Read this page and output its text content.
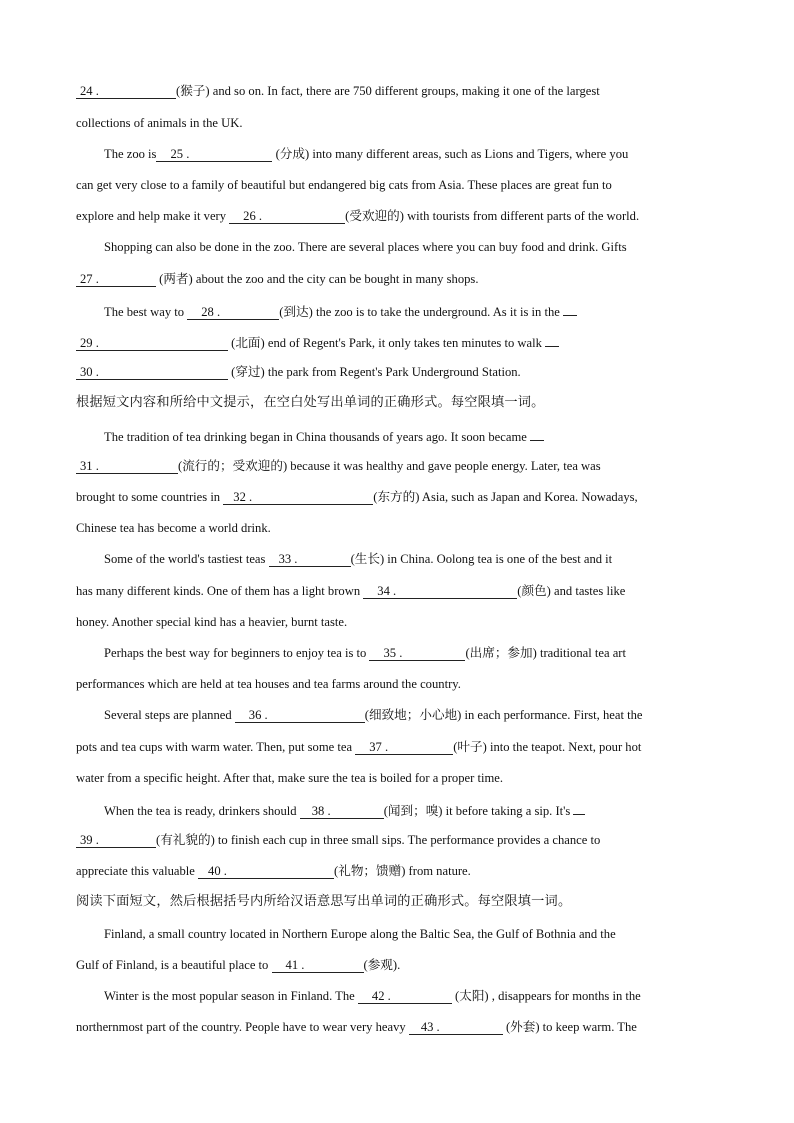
24 .	(猴子) and so on. In fact, there are 750 different groups, making it one of the largest
collections of animals in the UK.
The zoo is 25 .	(分成) into many different areas, such as Lions and Tigers, where you
can get very close to a family of beautiful but endangered big cats from Asia. These places are great fun to
explore and help make it very 26 .	(受欢迎的) with tourists from different parts of the world.
Shopping can also be done in the zoo. There are several places where you can buy food and drink. Gifts
27 .	(两者) about the zoo and the city can be bought in many shops.
The best way to 28 .	(到达) the zoo is to take the underground. As it is in the
29 .	(北面) end of Regent's Park, it only takes ten minutes to walk
30 .	(穿过) the park from Regent's Park Underground Station.
根据短文内容和所给中文提示，在空白处写出单词的正确形式。每空限填一词。
The tradition of tea drinking began in China thousands of years ago. It soon became
31 .	(流行的；受欢迎的) because it was healthy and gave people energy. Later, tea was
brought to some countries in 32 .	(东方的) Asia, such as Japan and Korea. Nowadays,
Chinese tea has become a world drink.
Some of the world's tastiest teas 33 .	(生长) in China. Oolong tea is one of the best and it
has many different kinds. One of them has a light brown 34 .	(颜色) and tastes like
honey. Another special kind has a heavier, burnt taste.
Perhaps the best way for beginners to enjoy tea is to 35 .	(出席；参加) traditional tea art
performances which are held at tea houses and tea farms around the country.
Several steps are planned 36 .	(细致地；小心地) in each performance. First, heat the
pots and tea cups with warm water. Then, put some tea 37 .	(叶子) into the teapot. Next, pour hot
water from a specific height. After that, make sure the tea is boiled for a proper time.
When the tea is ready, drinkers should 38 .	(闻到；嗅) it before taking a sip. It's
39 .	(有礼貌的) to finish each cup in three small sips. The performance provides a chance to
appreciate this valuable 40 .	(礼物；馈赠) from nature.
阅读下面短文，然后根据括号内所给汉语意思写出单词的正确形式。每空限填一词。
Finland, a small country located in Northern Europe along the Baltic Sea, the Gulf of Bothnia and the
Gulf of Finland, is a beautiful place to 41 .	(参观).
Winter is the most popular season in Finland. The 42 .	(太阳) , disappears for months in the
northernmost part of the country. People have to wear very heavy 43 .	(外套) to keep warm. The
